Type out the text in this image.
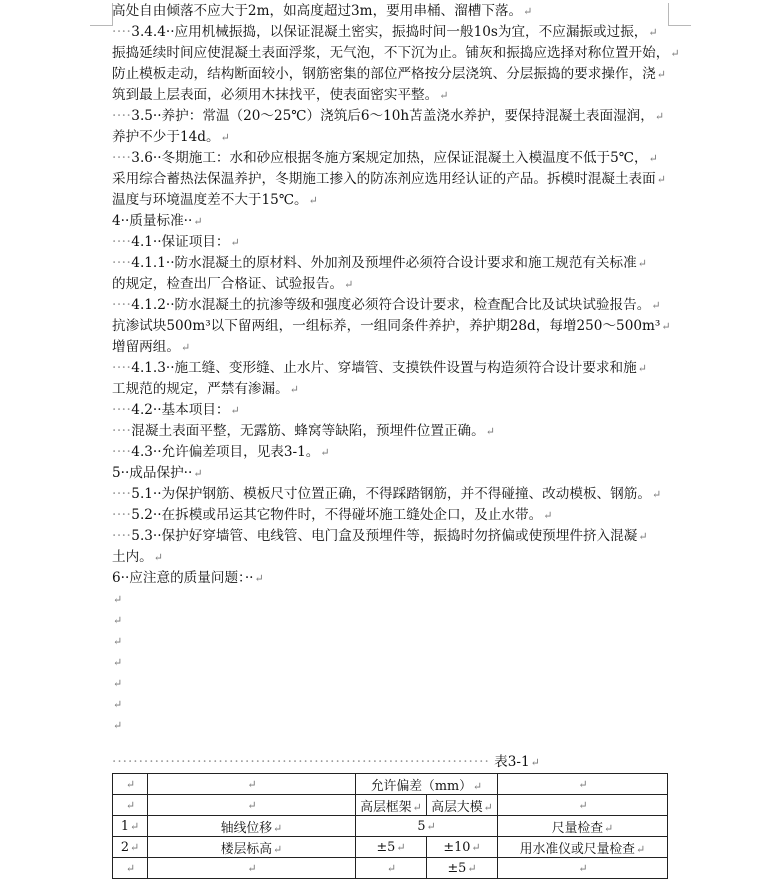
高处自由倾落不应大于2m，如高度超过3m，要用串桶、溜槽下落。↵
····3.4.4··应用机械振捣，以保证混凝土密实，振捣时间一般10s为宜，不应漏振或过振，↵
振捣延续时间应使混凝土表面浮浆，无气泡，不下沉为止。铺灰和振捣应选择对称位置开始，↵
防止模板走动，结构断面较小，钢筋密集的部位严格按分层浇筑、分层振捣的要求操作，浇↵
筑到最上层表面，必须用木抹找平，使表面密实平整。↵
····3.5··养护：常温（20～25℃）浇筑后6～10h苫盖浇水养护，要保持混凝土表面湿润，↵
养护不少于14d。↵
····3.6··冬期施工：水和砂应根据冬施方案规定加热，应保证混凝土入模温度不低于5℃，↵
采用综合蓄热法保温养护，冬期施工掺入的防冻剂应选用经认证的产品。拆模时混凝土表面↵
温度与环境温度差不大于15℃。↵
4··质量标准··↵
····4.1··保证项目：↵
····4.1.1··防水混凝土的原材料、外加剂及预埋件必须符合设计要求和施工规范有关标准↵
的规定，检查出厂合格证、试验报告。↵
····4.1.2··防水混凝土的抗渗等级和强度必须符合设计要求，检查配合比及试块试验报告。↵
抗渗试块500m³以下留两组，一组标养，一组同条件养护，养护期28d，每增250～500m³↵
增留两组。↵
····4.1.3··施工缝、变形缝、止水片、穿墙管、支摸铁件设置与构造须符合设计要求和施↵
工规范的规定，严禁有渗漏。↵
····4.2··基本项目：↵
····混凝土表面平整，无露筋、蜂窝等缺陷，预埋件位置正确。↵
····4.3··允许偏差项目，见表3-1。↵
5··成品保护··↵
····5.1··为保护钢筋、模板尺寸位置正确，不得踩踏钢筋，并不得碰撞、改动模板、钢筋。↵
····5.2··在拆模或吊运其它物件时，不得碰坏施工缝处企口，及止水带。↵
····5.3··保护好穿墙管、电线管、电门盒及预埋件等，振捣时勿挤偏或使预埋件挤入混凝↵
土内。↵
6··应注意的质量问题：··↵
↵
↵
↵
↵
↵
↵
↵
······································································· 表3-1↵
↵	↵	允许偏差（mm）↵		↵
↵	↵	高层框架↵	高层大模↵	↵
1↵	轴线位移↵	5↵		尺量检查↵
2↵	楼层标高↵	±5↵	±10↵	用水准仪或尺量检查↵
↵	↵	↵	±5↵	↵
